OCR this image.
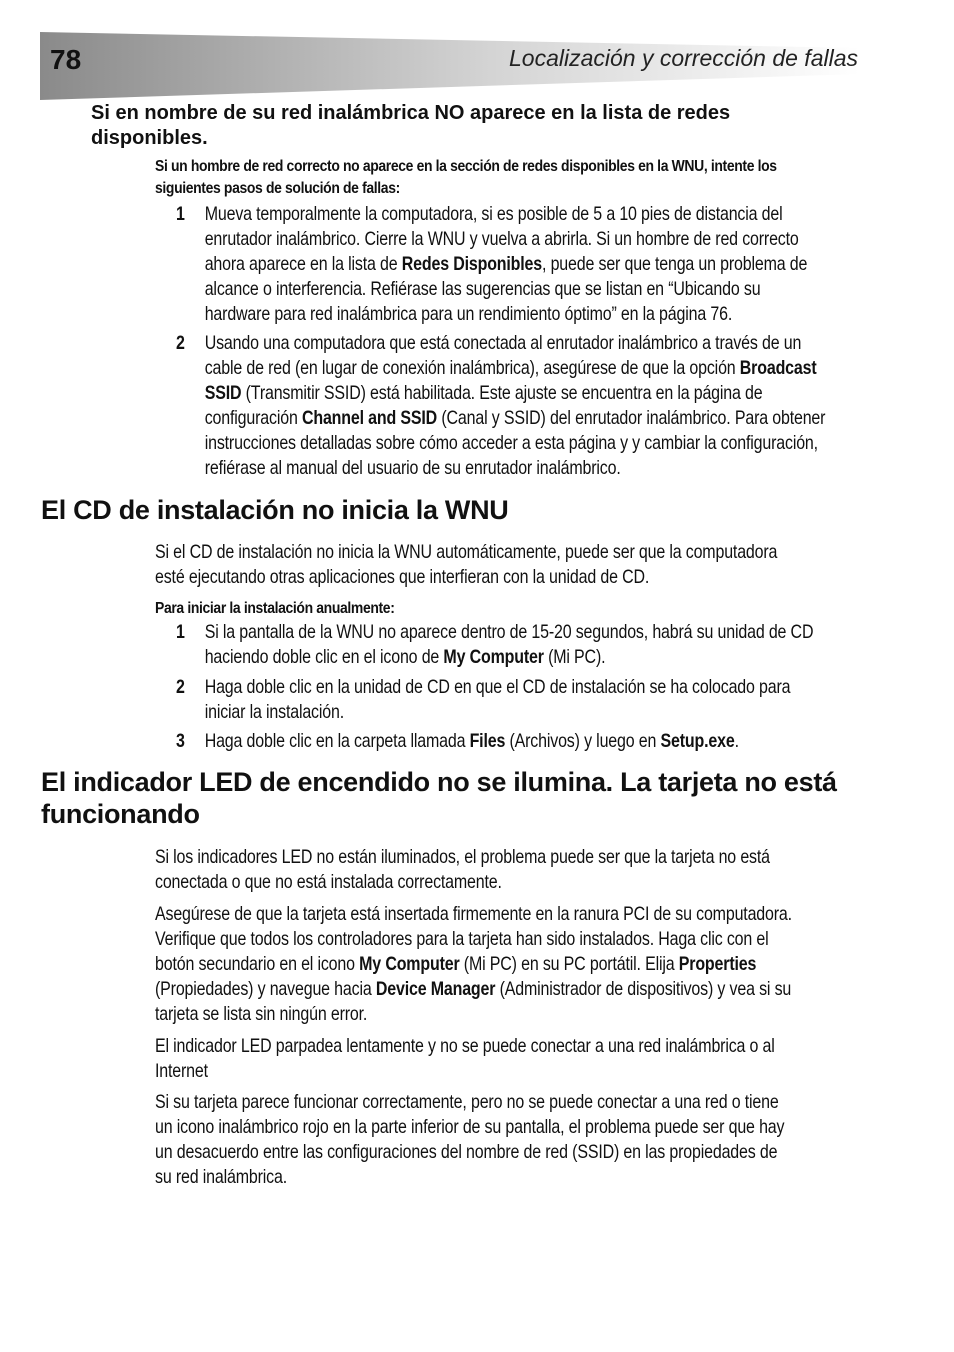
78	Localización y corrección de fallas
Si en nombre de su red inalámbrica NO aparece en la lista de redes disponibles.
Si un hombre de red correcto no aparece en la sección de redes disponibles en la WNU, intente los siguientes pasos de solución de fallas:
1 Mueva temporalmente la computadora, si es posible de 5 a 10 pies de distancia del enrutador inalámbrico. Cierre la WNU y vuelva a abrirla. Si un hombre de red correcto ahora aparece en la lista de Redes Disponibles, puede ser que tenga un problema de alcance o interferencia. Refiérase las sugerencias que se listan en “Ubicando su hardware para red inalámbrica para un rendimiento óptimo” en la página 76.
2 Usando una computadora que está conectada al enrutador inalámbrico a través de un cable de red (en lugar de conexión inalámbrica), asegúrese de que la opción Broadcast SSID (Transmitir SSID) está habilitada. Este ajuste se encuentra en la página de configuración Channel and SSID (Canal y SSID) del enrutador inalámbrico. Para obtener instrucciones detalladas sobre cómo acceder a esta página y y cambiar la configuración, refiérase al manual del usuario de su enrutador inalámbrico.
El CD de instalación no inicia la WNU
Si el CD de instalación no inicia la WNU automáticamente, puede ser que la computadora esté ejecutando otras aplicaciones que interfieran con la unidad de CD.
Para iniciar la instalación anualmente:
1 Si la pantalla de la WNU no aparece dentro de 15-20 segundos, habrá su unidad de CD haciendo doble clic en el icono de My Computer (Mi PC).
2 Haga doble clic en la unidad de CD en que el CD de instalación se ha colocado para iniciar la instalación.
3 Haga doble clic en la carpeta llamada Files (Archivos) y luego en Setup.exe.
El indicador LED de encendido no se ilumina. La tarjeta no está funcionando
Si los indicadores LED no están iluminados, el problema puede ser que la tarjeta no está conectada o que no está instalada correctamente.
Asegúrese de que la tarjeta está insertada firmemente en la ranura PCI de su computadora. Verifique que todos los controladores para la tarjeta han sido instalados. Haga clic con el botón secundario en el icono My Computer (Mi PC) en su PC portátil. Elija Properties (Propiedades) y navegue hacia Device Manager (Administrador de dispositivos) y vea si su tarjeta se lista sin ningún error.
El indicador LED parpadea lentamente y no se puede conectar a una red inalámbrica o al Internet
Si su tarjeta parece funcionar correctamente, pero no se puede conectar a una red o tiene un icono inalámbrico rojo en la parte inferior de su pantalla, el problema puede ser que hay un desacuerdo entre las configuraciones del nombre de red (SSID) en las propiedades de su red inalámbrica.
